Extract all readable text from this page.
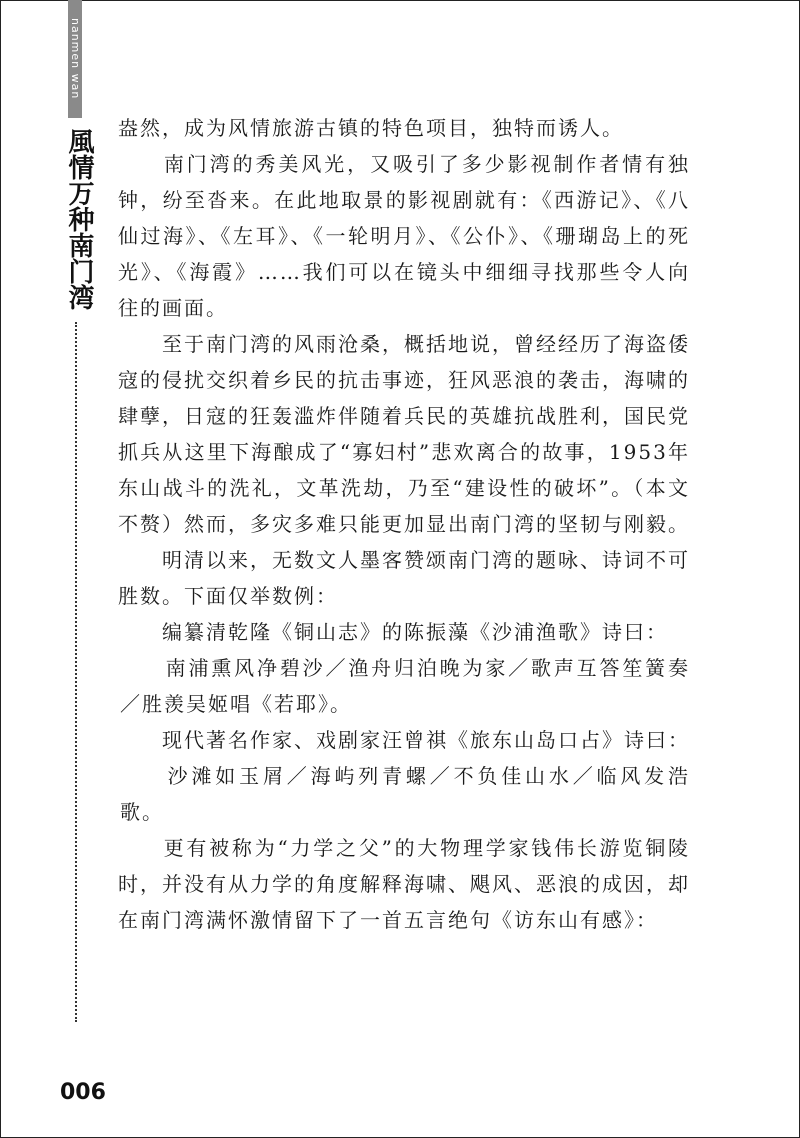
nanmen wan
風情万种南门湾 盎然，成为风情旅游古镇的特色项目，独特而诱人。

　　南门湾的秀美风光，又吸引了多少影视制作者情有独钟，纷至沓来。在此地取景的影视剧就有：《西游记》、《八仙过海》、《左耳》、《一轮明月》、《公仆》、《珊瑚岛上的死光》、《海霞》……我们可以在镜头中细细寻找那些令人向往的画面。

　　至于南门湾的风雨沧桑，概括地说，曾经经历了海盗倭寇的侵扰交织着乡民的抗击事迹，狂风恶浪的袭击，海啸的肆孽，日寇的狂轰滥炸伴随着兵民的英雄抗战胜利，国民党抓兵从这里下海酿成了“寡妇村”悲欢离合的故事，1953年东山战斗的洗礼，文革洗劫，乃至“建设性的破坏”。（本文不赘）然而，多灾多难只能更加显出南门湾的坚韧与刚毅。

　　明清以来，无数文人墨客赞颂南门湾的题咏、诗词不可胜数。下面仅举数例：

　　编纂清乾隆《铜山志》的陈振藻《沙浦渔歌》诗曰：

　　南浦熏风净碧沙／渔舟归泊晚为家／歌声互答笙簧奏／胜羡吴姬唱《若耶》。

　　现代著名作家、戏剧家汪曾祺《旅东山岛口占》诗曰：

　　沙滩如玉屑／海屿列青螺／不负佳山水／临风发浩歌。

　　更有被称为“力学之父”的大物理学家钱伟长游览铜陵时，并没有从力学的角度解释海啸、飓风、恶浪的成因，却在南门湾满怀激情留下了一首五言绝句《访东山有感》：

006
